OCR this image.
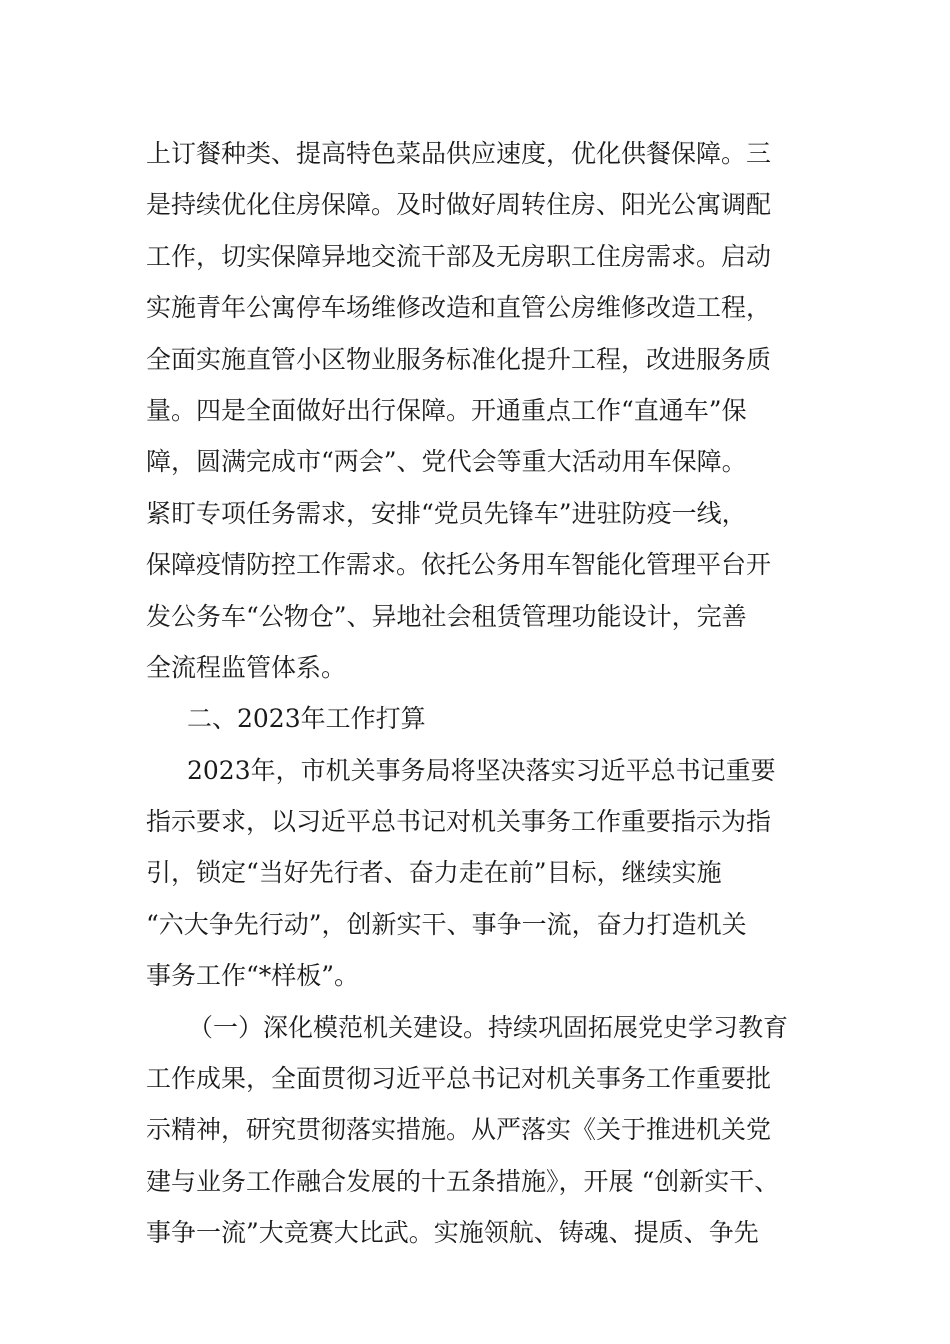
上订餐种类、提高特色菜品供应速度，优化供餐保障。三
是持续优化住房保障。及时做好周转住房、阳光公寓调配
工作，切实保障异地交流干部及无房职工住房需求。启动
实施青年公寓停车场维修改造和直管公房维修改造工程，
全面实施直管小区物业服务标准化提升工程，改进服务质
量。四是全面做好出行保障。开通重点工作“直通车”保
障，圆满完成市“两会”、党代会等重大活动用车保障。
紧盯专项任务需求，安排“党员先锋车”进驻防疫一线，
保障疫情防控工作需求。依托公务用车智能化管理平台开
发公务车“公物仓”、异地社会租赁管理功能设计，完善
全流程监管体系。
二、2023年工作打算
2023年，市机关事务局将坚决落实习近平总书记重要
指示要求，以习近平总书记对机关事务工作重要指示为指
引，锁定“当好先行者、奋力走在前”目标，继续实施
“六大争先行动”，创新实干、事争一流，奋力打造机关
事务工作“*样板”。
（一）深化模范机关建设。持续巩固拓展党史学习教育
工作成果，全面贯彻习近平总书记对机关事务工作重要批
示精神，研究贯彻落实措施。从严落实《关于推进机关党
建与业务工作融合发展的十五条措施》，开展 “创新实干、
事争一流”大竞赛大比武。实施领航、铸魂、提质、争先
